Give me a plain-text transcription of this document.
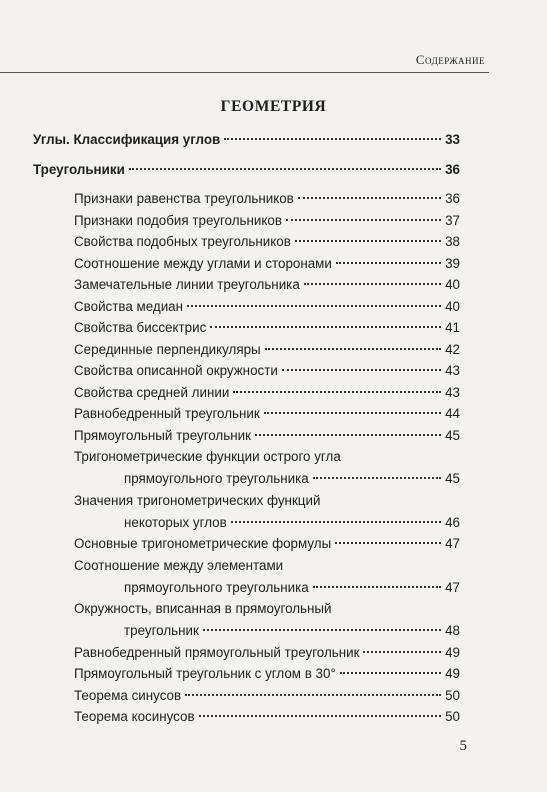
Содержание
ГЕОМЕТРИЯ
Углы. Классификация углов	33
Треугольники	36
Признаки равенства треугольников	36
Признаки подобия треугольников	37
Свойства подобных треугольников	38
Соотношение между углами и сторонами	39
Замечательные линии треугольника	40
Свойства медиан	40
Свойства биссектрис	41
Серединные перпендикуляры	42
Свойства описанной окружности	43
Свойства средней линии	43
Равнобедренный треугольник	44
Прямоугольный треугольник	45
Тригонометрические функции острого угла
прямоугольного треугольника	45
Значения тригонометрических функций
некоторых углов	46
Основные тригонометрические формулы	47
Соотношение между элементами
прямоугольного треугольника	47
Окружность, вписанная в прямоугольный
треугольник	48
Равнобедренный прямоугольный треугольник	49
Прямоугольный треугольник с углом в 30°	49
Теорема синусов	50
Теорема косинусов	50
5
